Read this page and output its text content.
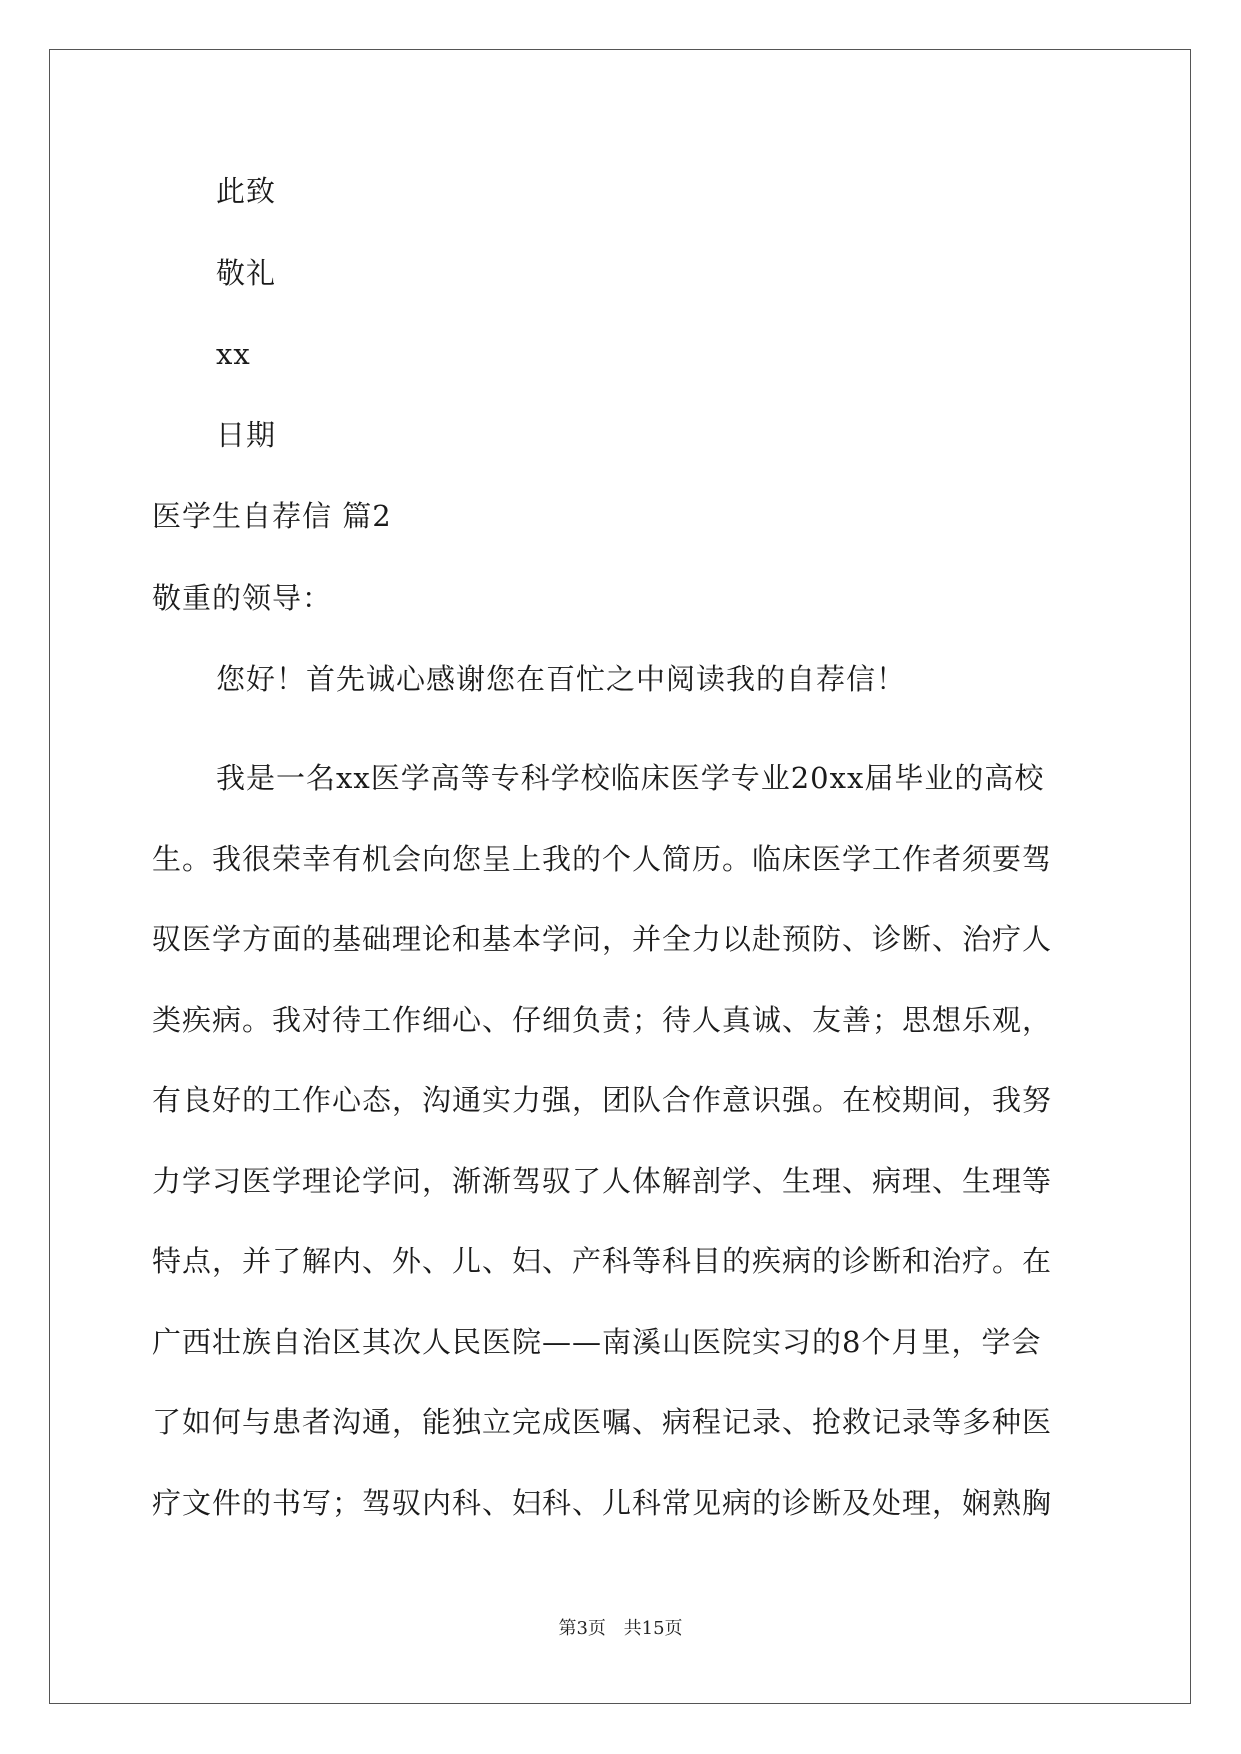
此致
敬礼
xx
日期
医学生自荐信 篇2
敬重的领导：
您好！首先诚心感谢您在百忙之中阅读我的自荐信！
我是一名xx医学高等专科学校临床医学专业20xx届毕业的高校
生。我很荣幸有机会向您呈上我的个人简历。临床医学工作者须要驾
驭医学方面的基础理论和基本学问，并全力以赴预防、诊断、治疗人
类疾病。我对待工作细心、仔细负责；待人真诚、友善；思想乐观，
有良好的工作心态，沟通实力强，团队合作意识强。在校期间，我努
力学习医学理论学问，渐渐驾驭了人体解剖学、生理、病理、生理等
特点，并了解内、外、儿、妇、产科等科目的疾病的诊断和治疗。在
广西壮族自治区其次人民医院——南溪山医院实习的8个月里，学会
了如何与患者沟通，能独立完成医嘱、病程记录、抢救记录等多种医
疗文件的书写；驾驭内科、妇科、儿科常见病的诊断及处理，娴熟胸
第3页 共15页
